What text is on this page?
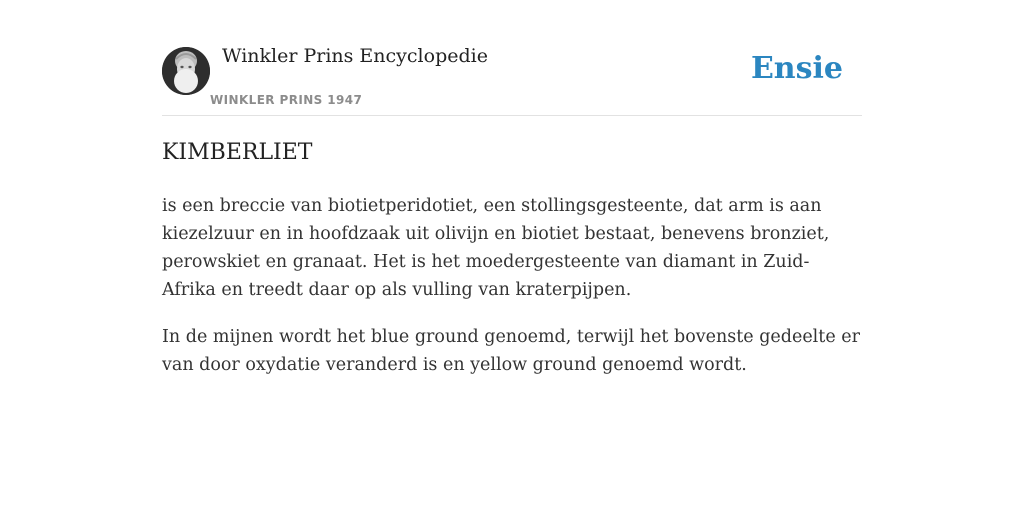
Winkler Prins Encyclopedie
WINKLER PRINS 1947
Ensie
KIMBERLIET

is een breccie van biotietperidotiet, een stollingsgesteente, dat arm is aan kiezelzuur en in hoofdzaak uit olivijn en biotiet bestaat, benevens bronziet, perowskiet en granaat. Het is het moedergesteente van diamant in Zuid-Afrika en treedt daar op als vulling van kraterpijpen.

In de mijnen wordt het blue ground genoemd, terwijl het bovenste gedeelte er van door oxydatie veranderd is en yellow ground genoemd wordt.
